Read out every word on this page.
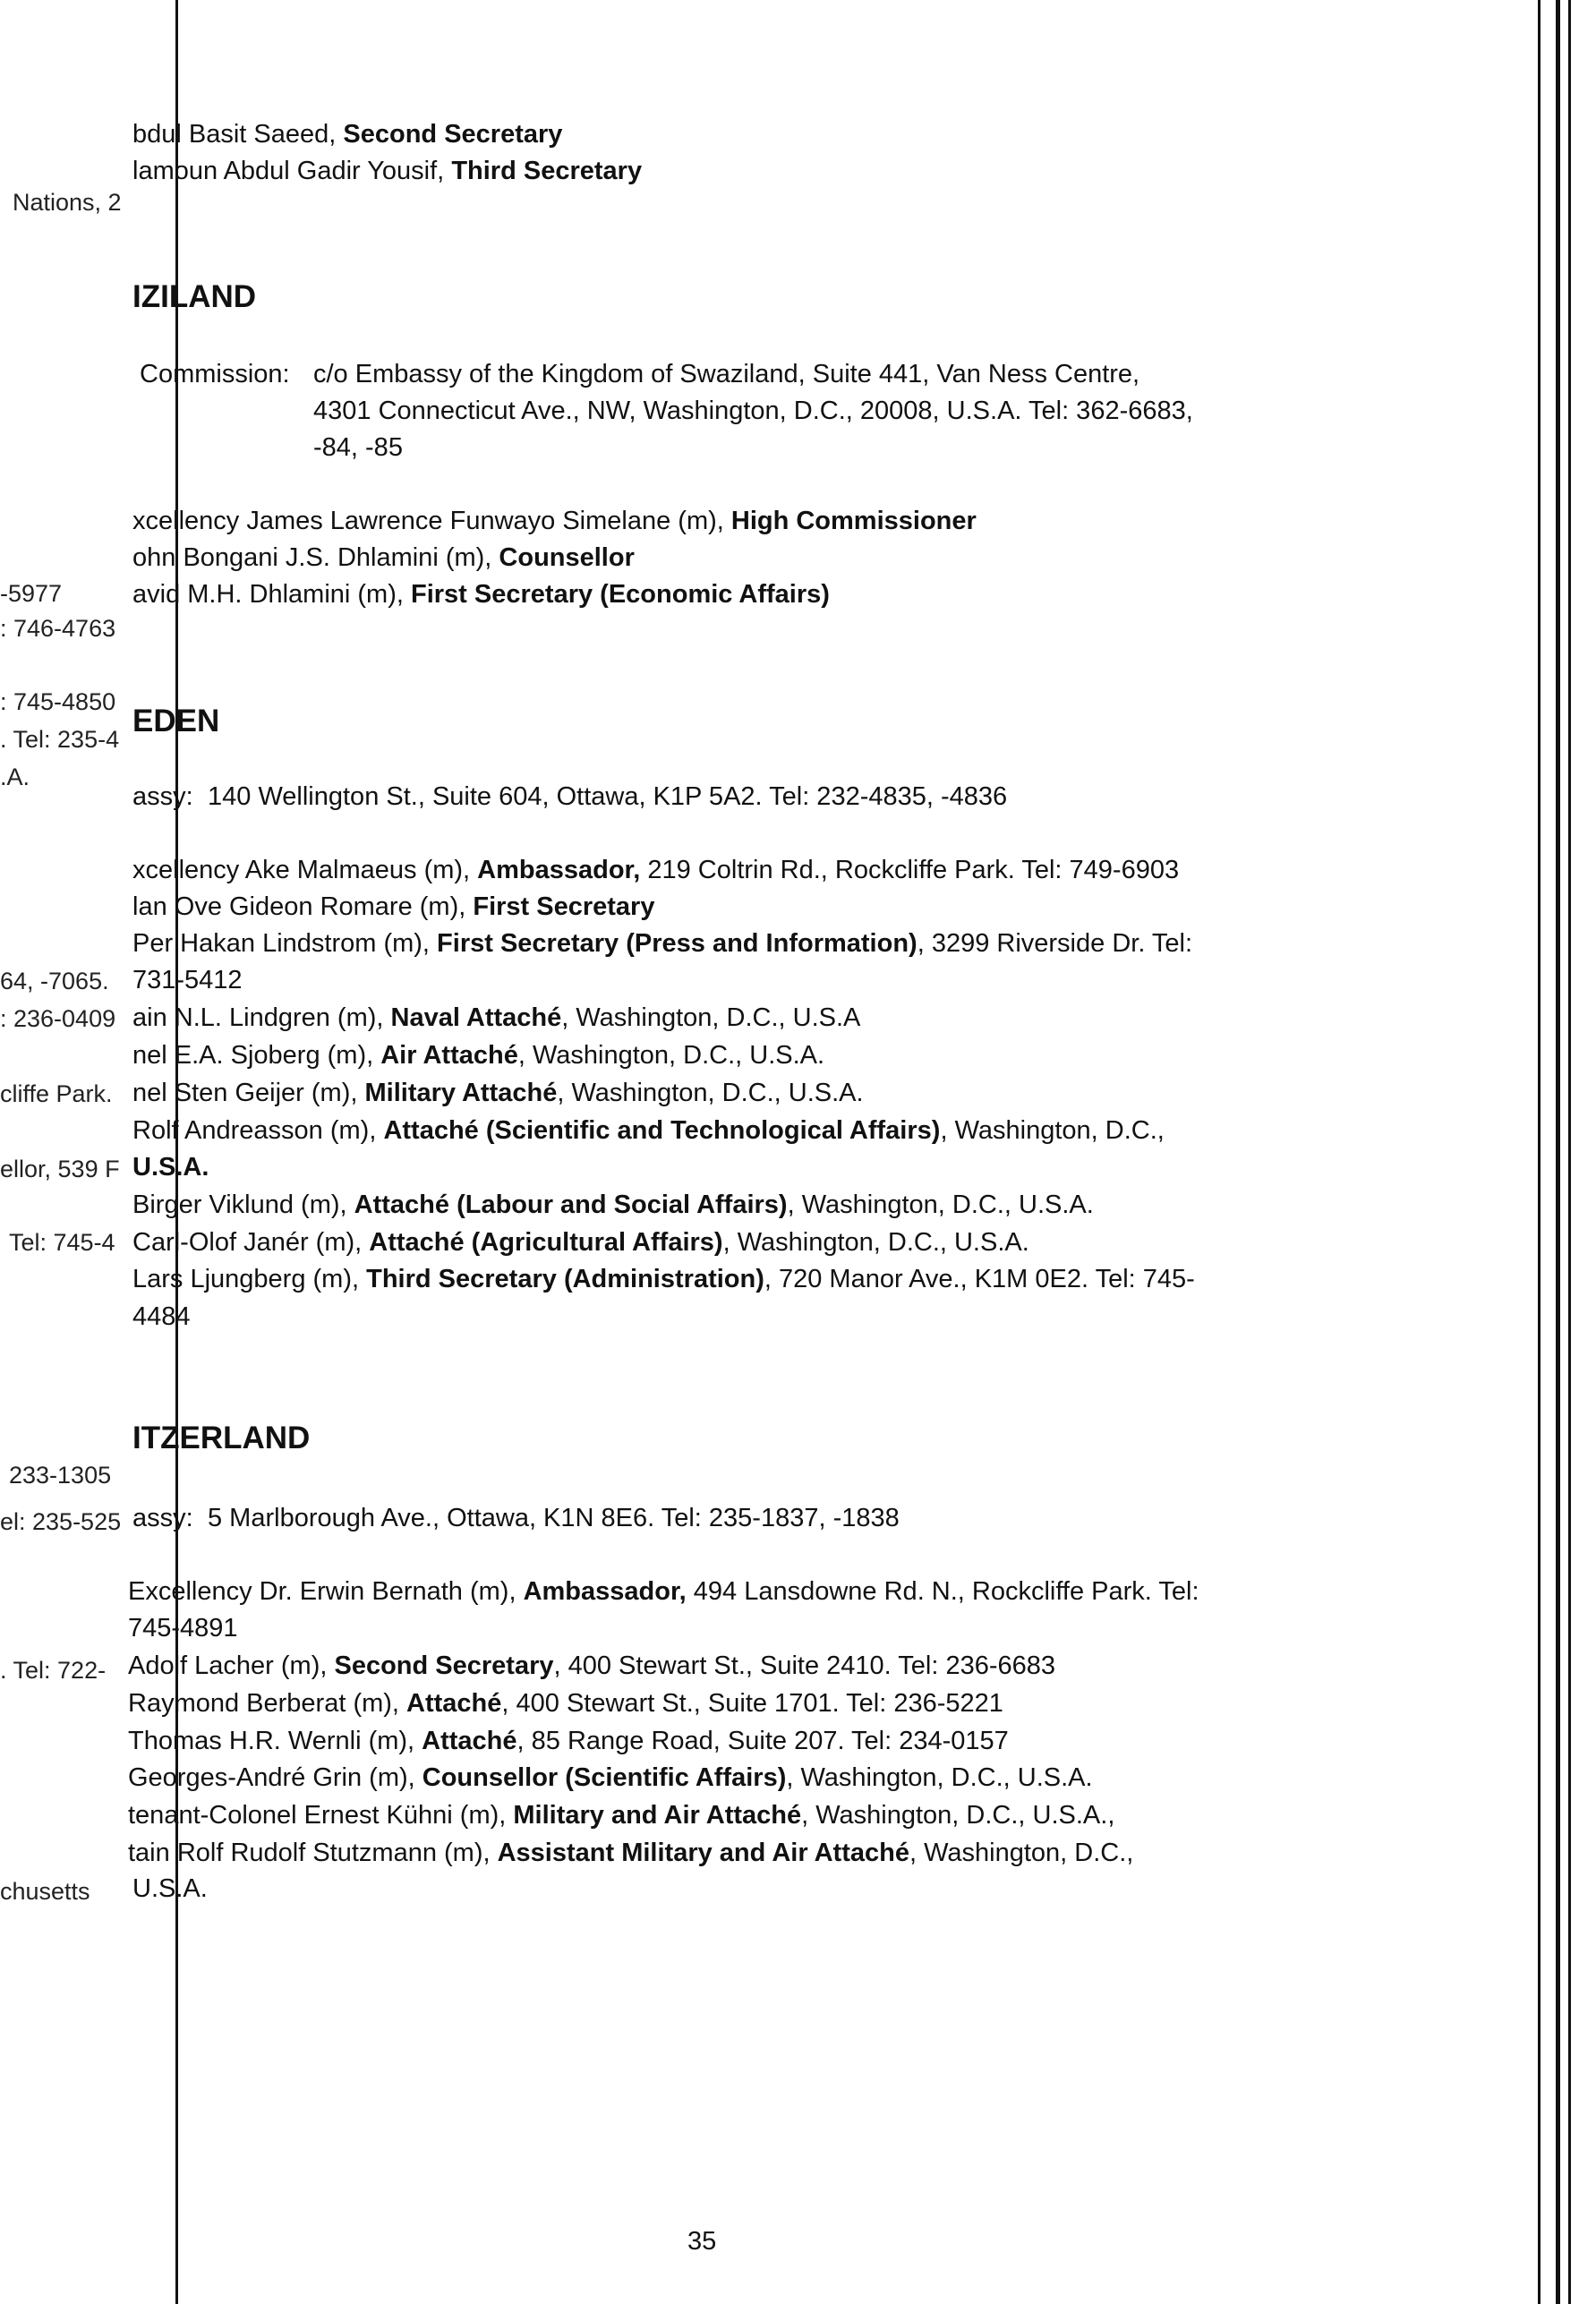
Nations, 2
-5977
: 746-4763
: 745-4850
. Tel: 235-4
.A.
64, -7065.
: 236-0409
cliffe Park.
ellor, 539 F
Tel: 745-4
233-1305
el: 235-525
. Tel: 722-
chusetts
bdul Basit Saeed, Second Secretary
lamoun Abdul Gadir Yousif, Third Secretary
IZILAND
Commission: c/o Embassy of the Kingdom of Swaziland, Suite 441, Van Ness Centre,
4301 Connecticut Ave., NW, Washington, D.C., 20008, U.S.A. Tel: 362-6683,
-84, -85
xcellency James Lawrence Funwayo Simelane (m), High Commissioner
ohn Bongani J.S. Dhlamini (m), Counsellor
avid M.H. Dhlamini (m), First Secretary (Economic Affairs)
EDEN
assy: 140 Wellington St., Suite 604, Ottawa, K1P 5A2. Tel: 232-4835, -4836
xcellency Ake Malmaeus (m), Ambassador, 219 Coltrin Rd., Rockcliffe Park. Tel: 749-6903
lan Ove Gideon Romare (m), First Secretary
Per Hakan Lindstrom (m), First Secretary (Press and Information), 3299 Riverside Dr. Tel:
731-5412
ain N.L. Lindgren (m), Naval Attaché, Washington, D.C., U.S.A
nel E.A. Sjoberg (m), Air Attaché, Washington, D.C., U.S.A.
nel Sten Geijer (m), Military Attaché, Washington, D.C., U.S.A.
Rolf Andreasson (m), Attaché (Scientific and Technological Affairs), Washington, D.C.,
U.S.A.
Birger Viklund (m), Attaché (Labour and Social Affairs), Washington, D.C., U.S.A.
Carl-Olof Janér (m), Attaché (Agricultural Affairs), Washington, D.C., U.S.A.
Lars Ljungberg (m), Third Secretary (Administration), 720 Manor Ave., K1M 0E2. Tel: 745-
4484
ITZERLAND
assy: 5 Marlborough Ave., Ottawa, K1N 8E6. Tel: 235-1837, -1838
Excellency Dr. Erwin Bernath (m), Ambassador, 494 Lansdowne Rd. N., Rockcliffe Park. Tel:
745-4891
Adolf Lacher (m), Second Secretary, 400 Stewart St., Suite 2410. Tel: 236-6683
Raymond Berberat (m), Attaché, 400 Stewart St., Suite 1701. Tel: 236-5221
Thomas H.R. Wernli (m), Attaché, 85 Range Road, Suite 207. Tel: 234-0157
Georges-André Grin (m), Counsellor (Scientific Affairs), Washington, D.C., U.S.A.
tenant-Colonel Ernest Kühni (m), Military and Air Attaché, Washington, D.C., U.S.A.,
tain Rolf Rudolf Stutzmann (m), Assistant Military and Air Attaché, Washington, D.C.,
U.S.A.
35
